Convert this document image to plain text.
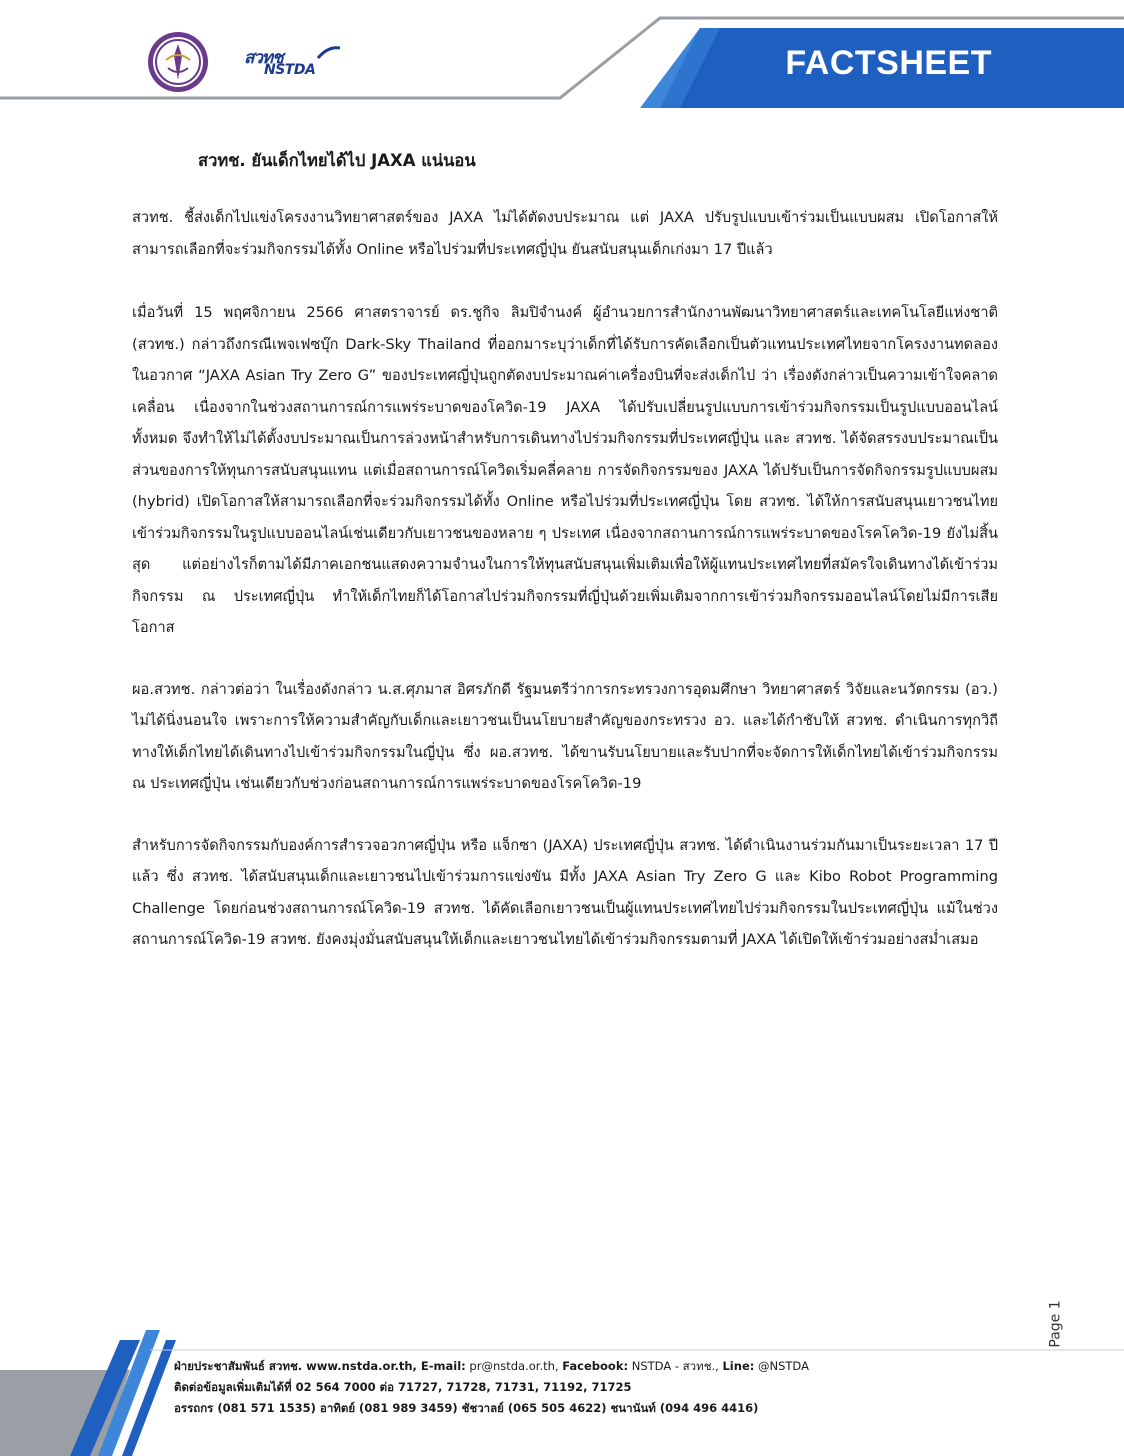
สวทช
NSTDA	FACTSHEET
สวทช. ยันเด็กไทยได้ไป JAXA แน่นอน

สวทช. ชี้ส่งเด็กไปแข่งโครงงานวิทยาศาสตร์ของ JAXA ไม่ได้ตัดงบประมาณ แต่ JAXA ปรับรูปแบบเข้าร่วมเป็นแบบผสม เปิดโอกาสให้สามารถเลือกที่จะร่วมกิจกรรมได้ทั้ง Online หรือไปร่วมที่ประเทศญี่ปุ่น ยันสนับสนุนเด็กเก่งมา 17 ปีแล้ว

เมื่อวันที่ 15 พฤศจิกายน 2566 ศาสตราจารย์ ดร.ชูกิจ ลิมปิจำนงค์ ผู้อำนวยการสำนักงานพัฒนาวิทยาศาสตร์และเทคโนโลยีแห่งชาติ (สวทช.) กล่าวถึงกรณีเพจเฟซบุ๊ก Dark-Sky Thailand ที่ออกมาระบุว่าเด็กที่ได้รับการคัดเลือกเป็นตัวแทนประเทศไทยจากโครงงานทดลองในอวกาศ “JAXA Asian Try Zero G” ของประเทศญี่ปุ่นถูกตัดงบประมาณค่าเครื่องบินที่จะส่งเด็กไป ว่า เรื่องดังกล่าวเป็นความเข้าใจคลาดเคลื่อน เนื่องจากในช่วงสถานการณ์การแพร่ระบาดของโควิด-19 JAXA ได้ปรับเปลี่ยนรูปแบบการเข้าร่วมกิจกรรมเป็นรูปแบบออนไลน์ทั้งหมด จึงทำให้ไม่ได้ตั้งงบประมาณเป็นการล่วงหน้าสำหรับการเดินทางไปร่วมกิจกรรมที่ประเทศญี่ปุ่น และ สวทช. ได้จัดสรรงบประมาณเป็นส่วนของการให้ทุนการสนับสนุนแทน แต่เมื่อสถานการณ์โควิดเริ่มคลี่คลาย การจัดกิจกรรมของ JAXA ได้ปรับเป็นการจัดกิจกรรมรูปแบบผสม (hybrid) เปิดโอกาสให้สามารถเลือกที่จะร่วมกิจกรรมได้ทั้ง Online หรือไปร่วมที่ประเทศญี่ปุ่น โดย สวทช. ได้ให้การสนับสนุนเยาวชนไทยเข้าร่วมกิจกรรมในรูปแบบออนไลน์เช่นเดียวกับเยาวชนของหลาย ๆ ประเทศ เนื่องจากสถานการณ์การแพร่ระบาดของโรคโควิด-19 ยังไม่สิ้นสุด แต่อย่างไรก็ตามได้มีภาคเอกชนแสดงความจำนงในการให้ทุนสนับสนุนเพิ่มเติมเพื่อให้ผู้แทนประเทศไทยที่สมัครใจเดินทางได้เข้าร่วมกิจกรรม ณ ประเทศญี่ปุ่น ทำให้เด็กไทยก็ได้โอกาสไปร่วมกิจกรรมที่ญี่ปุ่นด้วยเพิ่มเติมจากการเข้าร่วมกิจกรรมออนไลน์โดยไม่มีการเสียโอกาส

ผอ.สวทช. กล่าวต่อว่า ในเรื่องดังกล่าว น.ส.ศุภมาส อิศรภักดี รัฐมนตรีว่าการกระทรวงการอุดมศึกษา วิทยาศาสตร์ วิจัยและนวัตกรรม (อว.) ไม่ได้นิ่งนอนใจ เพราะการให้ความสำคัญกับเด็กและเยาวชนเป็นนโยบายสำคัญของกระทรวง อว. และได้กำชับให้ สวทช. ดำเนินการทุกวิถีทางให้เด็กไทยได้เดินทางไปเข้าร่วมกิจกรรมในญี่ปุ่น ซึ่ง ผอ.สวทช. ได้ขานรับนโยบายและรับปากที่จะจัดการให้เด็กไทยได้เข้าร่วมกิจกรรม ณ ประเทศญี่ปุ่น เช่นเดียวกับช่วงก่อนสถานการณ์การแพร่ระบาดของโรคโควิด-19

สำหรับการจัดกิจกรรมกับองค์การสำรวจอวกาศญี่ปุ่น หรือ แจ็กซา (JAXA) ประเทศญี่ปุ่น สวทช. ได้ดำเนินงานร่วมกันมาเป็นระยะเวลา 17 ปีแล้ว ซึ่ง สวทช. ได้สนับสนุนเด็กและเยาวชนไปเข้าร่วมการแข่งขัน มีทั้ง JAXA Asian Try Zero G และ Kibo Robot Programming Challenge โดยก่อนช่วงสถานการณ์โควิด-19 สวทช. ได้คัดเลือกเยาวชนเป็นผู้แทนประเทศไทยไปร่วมกิจกรรมในประเทศญี่ปุ่น แม้ในช่วงสถานการณ์โควิด-19 สวทช. ยังคงมุ่งมั่นสนับสนุนให้เด็กและเยาวชนไทยได้เข้าร่วมกิจกรรมตามที่ JAXA ได้เปิดให้เข้าร่วมอย่างสม่ำเสมอ

Page 1
ฝ่ายประชาสัมพันธ์ สวทช. www.nstda.or.th, E-mail: pr@nstda.or.th, Facebook: NSTDA - สวทช., Line: @NSTDA
ติดต่อข้อมูลเพิ่มเติมได้ที่ 02 564 7000 ต่อ 71727, 71728, 71731, 71192, 71725
อรรถกร (081 571 1535) อาทิตย์ (081 989 3459) ชัชวาลย์ (065 505 4622) ชนานันท์ (094 496 4416)
